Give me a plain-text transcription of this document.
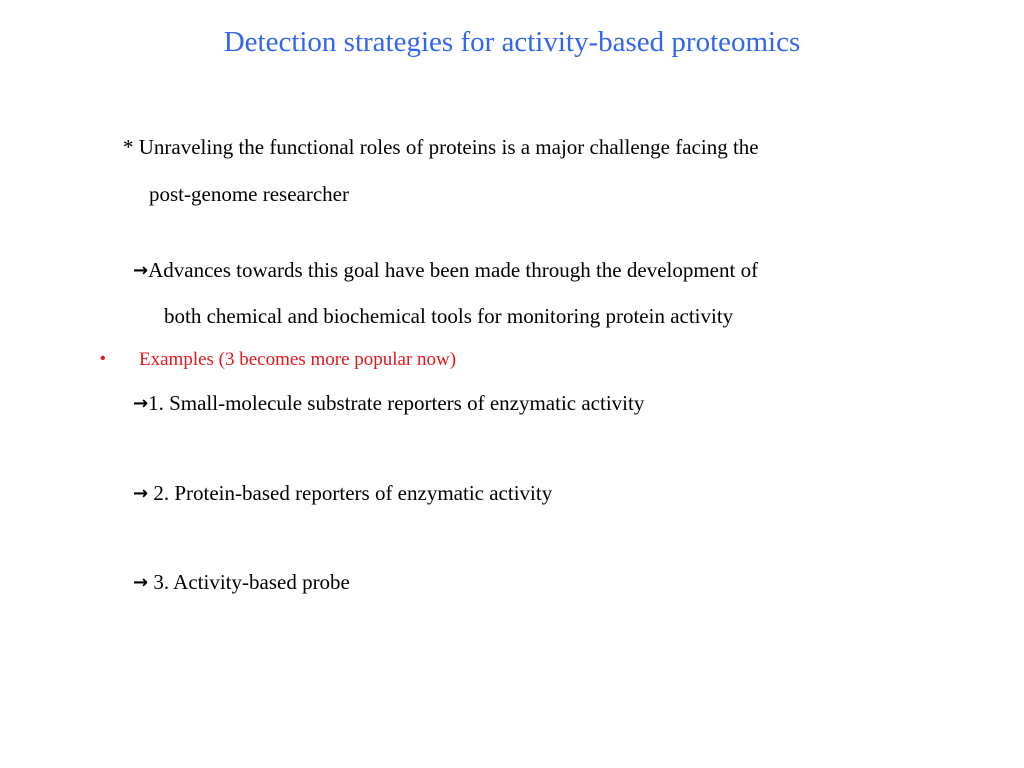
Detection strategies for activity-based proteomics
* Unraveling the functional roles of proteins is a major challenge facing the
post-genome researcher
→Advances towards this goal have been made through the development of
both chemical and biochemical tools for monitoring protein activity
• Examples (3 becomes more popular now)
→1. Small-molecule substrate reporters of enzymatic activity
→ 2. Protein-based reporters of enzymatic activity
→ 3. Activity-based probe
